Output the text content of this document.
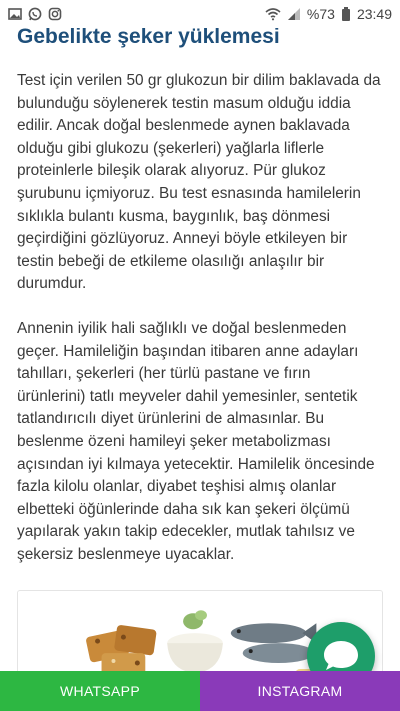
%73 23:49
Gebelikte şeker yüklemesi

Test için verilen 50 gr glukozun bir dilim baklavada da bulunduğu söylenerek testin masum olduğu iddia edilir. Ancak doğal beslenmede aynen baklavada olduğu gibi glukozu (şekerleri) yağlarla liflerle proteinlerle bileşik olarak alıyoruz. Pür glukoz şurubunu içmiyoruz. Bu test esnasında hamilelerin sıklıkla bulantı kusma, baygınlık, baş dönmesi geçirdiğini gözlüyoruz. Anneyi böyle etkileyen bir testin bebeği de etkileme olasılığı anlaşılır bir durumdur.

Annenin iyilik hali sağlıklı ve doğal beslenmeden geçer. Hamileliğin başından itibaren anne adayları tahılları, şekerleri (her türlü pastane ve fırın ürünlerini) tatlı meyveler dahil yemesinler, sentetik tatlandırıcılı diyet ürünlerini de almasınlar. Bu beslenme özeni hamileyi şeker metabolizması açısından iyi kılmaya yetecektir. Hamilelik öncesinde fazla kilolu olanlar, diyabet teşhisi almış olanlar elbetteki öğünlerinde daha sık kan şekeri ölçümü yapılarak yakın takip edecekler, mutlak tahılsız ve şekersiz beslenmeye uyacaklar.

WHATSAPP	INSTAGRAM
